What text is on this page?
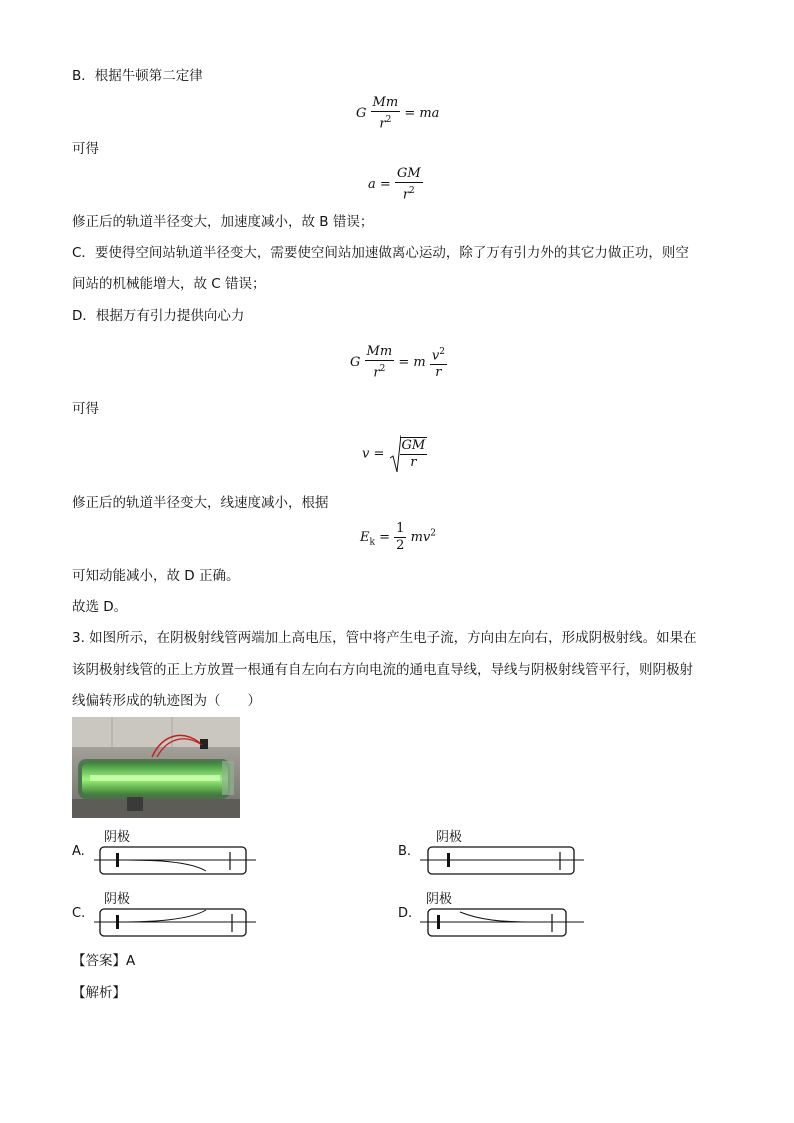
B．根据牛顿第二定律
G $\frac{Mm}{r^2}$ = ma
可得
$a = \frac{GM}{r^2}$
修正后的轨道半径变大，加速度减小，故 B 错误；
C．要使得空间站轨道半径变大，需要使空间站加速做离心运动，除了万有引力外的其它力做正功，则空
间站的机械能增大，故 C 错误；
D．根据万有引力提供向心力
G $\frac{Mm}{r^2} = m \frac{v^2}{r}$
可得
$v = \frac{GM}{r}$
修正后的轨道半径变大，线速度减小，根据
$E_k = \frac{1}{2} mv^2$
可知动能减小，故 D 正确。
故选 D。
3. 如图所示，在阴极射线管两端加上高电压，管中将产生电子流，方向由左向右，形成阴极射线。如果在
该阴极射线管的正上方放置一根通有自左向右方向电流的通电直导线，导线与阴极射线管平行，则阴极射
线偏转形成的轨迹图为（　　）
A.
阴极
B.
阴极
C.
阴极
D.
阴极
【答案】A
【解析】
